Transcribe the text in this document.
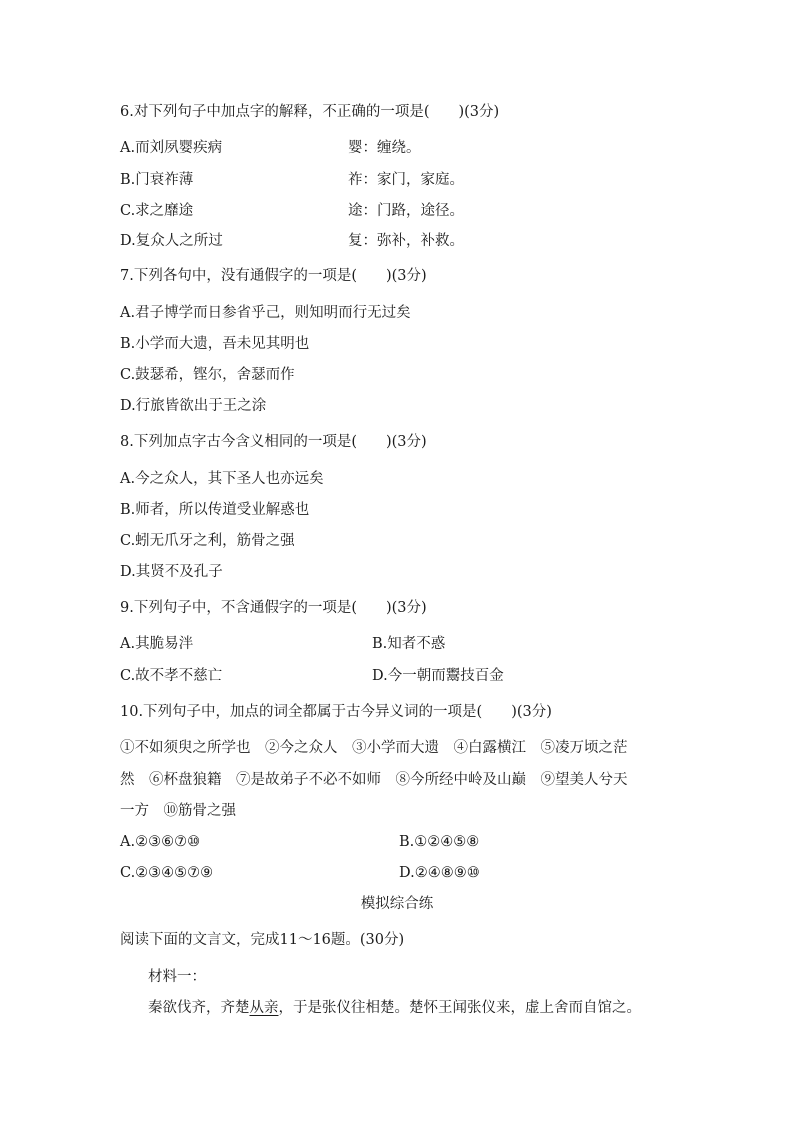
6.对下列句子中加点字的解释，不正确的一项是(　　)(3分)
A.而刘夙婴疾病	婴：缠绕。
B.门衰祚薄	祚：家门，家庭。
C.求之靡途	途：门路，途径。
D.复众人之所过	复：弥补，补救。
7.下列各句中，没有通假字的一项是(　　)(3分)
A.君子博学而日参省乎己，则知明而行无过矣
B.小学而大遗，吾未见其明也
C.鼓瑟希，铿尔，舍瑟而作
D.行旅皆欲出于王之涂
8.下列加点字古今含义相同的一项是(　　)(3分)
A.今之众人，其下圣人也亦远矣
B.师者，所以传道受业解惑也
C.蚓无爪牙之利，筋骨之强
D.其贤不及孔子
9.下列句子中，不含通假字的一项是(　　)(3分)
A.其脆易泮	B.知者不惑
C.故不孝不慈亡	D.今一朝而鬻技百金
10.下列句子中，加点的词全都属于古今异义词的一项是(　　)(3分)
①不如须臾之所学也　②今之众人　③小学而大遗　④白露横江　⑤凌万顷之茫
然　⑥杯盘狼籍　⑦是故弟子不必不如师　⑧今所经中岭及山巅　⑨望美人兮天
一方　⑩筋骨之强
A.②③⑥⑦⑩	B.①②④⑤⑧
C.②③④⑤⑦⑨	D.②④⑧⑨⑩
模拟综合练
阅读下面的文言文，完成11～16题。(30分)
材料一：
秦欲伐齐，齐楚从亲，于是张仪往相楚。楚怀王闻张仪来，虚上舍而自馆之。
